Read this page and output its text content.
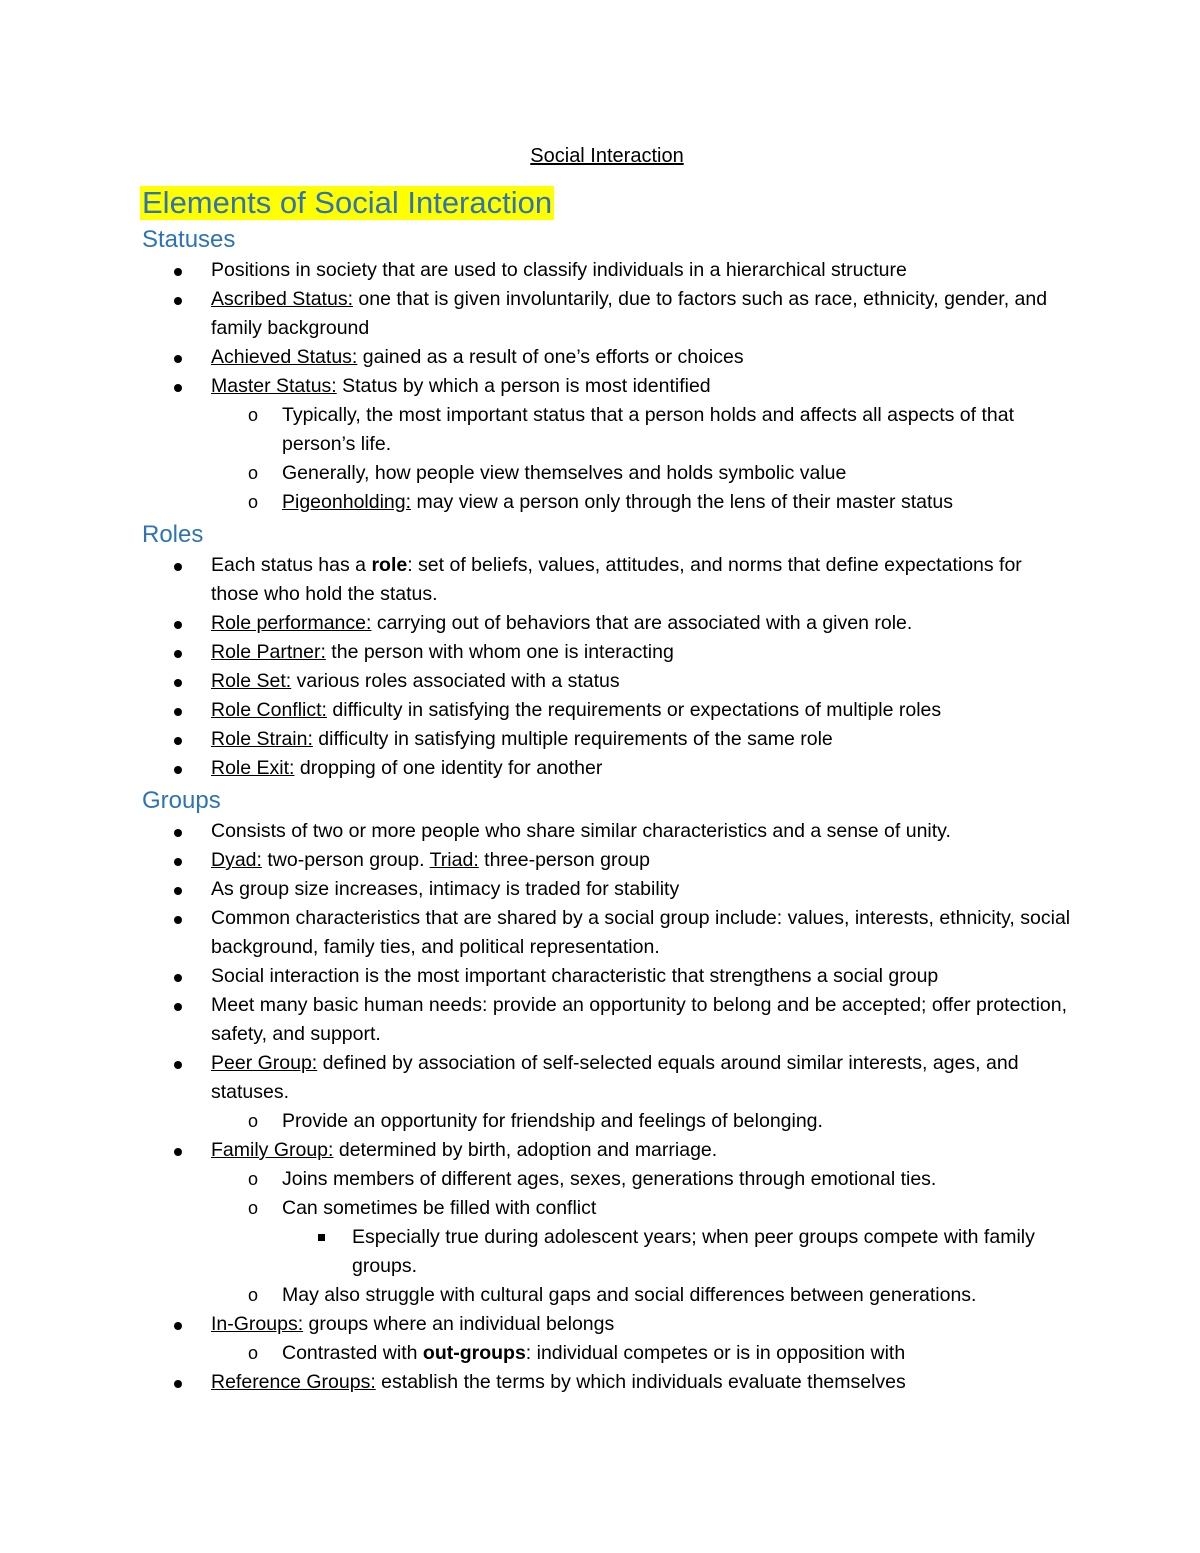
Social Interaction
Elements of Social Interaction
Statuses
Positions in society that are used to classify individuals in a hierarchical structure
Ascribed Status: one that is given involuntarily, due to factors such as race, ethnicity, gender, and family background
Achieved Status: gained as a result of one’s efforts or choices
Master Status: Status by which a person is most identified
o Typically, the most important status that a person holds and affects all aspects of that person’s life.
o Generally, how people view themselves and holds symbolic value
o Pigeonholding: may view a person only through the lens of their master status
Roles
Each status has a role: set of beliefs, values, attitudes, and norms that define expectations for those who hold the status.
Role performance: carrying out of behaviors that are associated with a given role.
Role Partner: the person with whom one is interacting
Role Set: various roles associated with a status
Role Conflict: difficulty in satisfying the requirements or expectations of multiple roles
Role Strain: difficulty in satisfying multiple requirements of the same role
Role Exit: dropping of one identity for another
Groups
Consists of two or more people who share similar characteristics and a sense of unity.
Dyad: two-person group. Triad: three-person group
As group size increases, intimacy is traded for stability
Common characteristics that are shared by a social group include: values, interests, ethnicity, social background, family ties, and political representation.
Social interaction is the most important characteristic that strengthens a social group
Meet many basic human needs: provide an opportunity to belong and be accepted; offer protection, safety, and support.
Peer Group: defined by association of self-selected equals around similar interests, ages, and statuses.
o Provide an opportunity for friendship and feelings of belonging.
Family Group: determined by birth, adoption and marriage.
o Joins members of different ages, sexes, generations through emotional ties.
o Can sometimes be filled with conflict
Especially true during adolescent years; when peer groups compete with family groups.
o May also struggle with cultural gaps and social differences between generations.
In-Groups: groups where an individual belongs
o Contrasted with out-groups: individual competes or is in opposition with
Reference Groups: establish the terms by which individuals evaluate themselves
